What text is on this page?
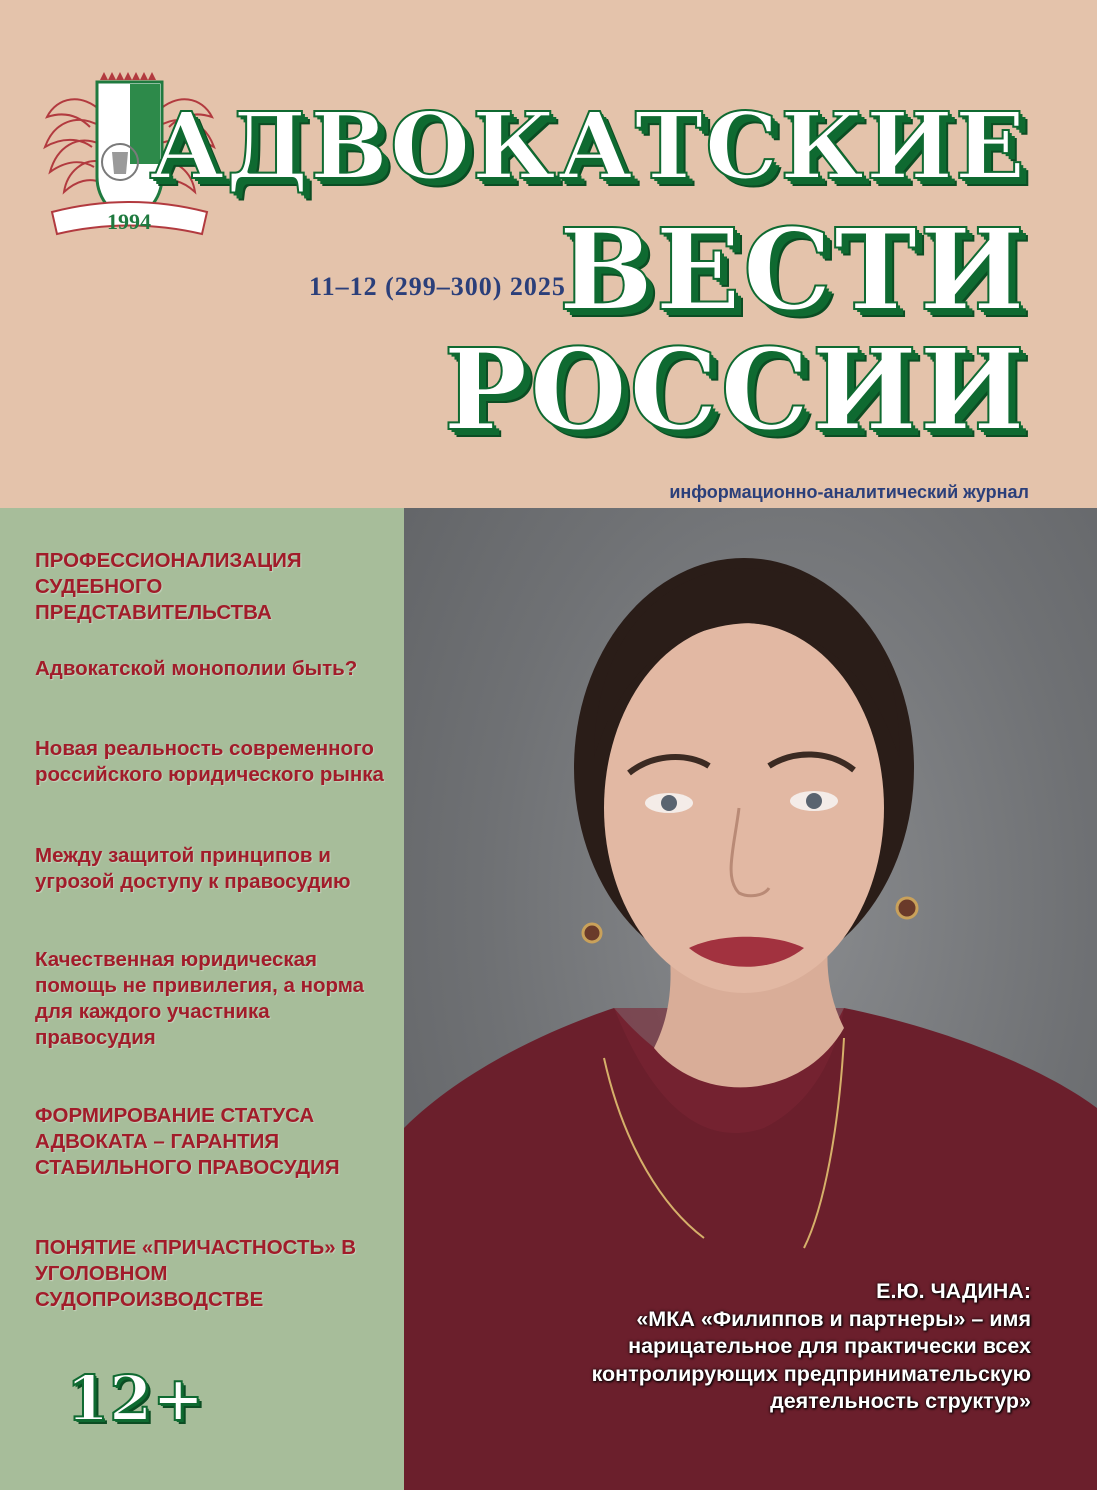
1994
АДВОКАТСКИЕ
ВЕСТИ
РОССИИ
11–12 (299–300) 2025
информационно-аналитический журнал

ПРОФЕССИОНАЛИЗАЦИЯ СУДЕБНОГО ПРЕДСТАВИТЕЛЬСТВА

Адвокатской монополии быть?

Новая реальность современного российского юридического рынка

Между защитой принципов и угрозой доступу к правосудию

Качественная юридическая помощь не привилегия, а норма для каждого участника правосудия

ФОРМИРОВАНИЕ СТАТУСА АДВОКАТА – ГАРАНТИЯ СТАБИЛЬНОГО ПРАВОСУДИЯ

ПОНЯТИЕ «ПРИЧАСТНОСТЬ» В УГОЛОВНОМ СУДОПРОИЗВОДСТВЕ

12+
Е.Ю. ЧАДИНА:
«МКА «Филиппов и партнеры» – имя
нарицательное для практически всех
контролирующих предпринимательскую
деятельность структур»
